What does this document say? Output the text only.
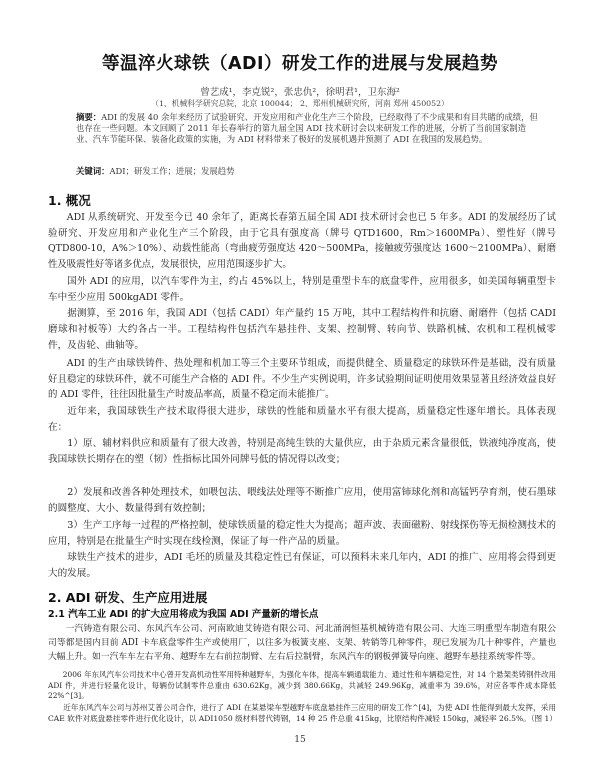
等温淬火球铁（ADI）研发工作的进展与发展趋势
曾艺成¹，李克锐²，张忠仇²，徐明君¹，卫东海²
（1、机械科学研究总院，北京 100044； 2、郑州机械研究所，河南 郑州 450052）
摘要：ADI 的发展 40 余年来经历了试验研究、开发应用和产业化生产三个阶段，已经取得了不少成果和有目共睹的成绩，但也存在一些问题。本文回顾了 2011 年长春举行的第九届全国 ADI 技术研讨会以来研发工作的进展，分析了当前国家制造业、汽车节能环保、装备化政策的实施，为 ADI 材料带来了极好的发展机遇并预测了 ADI 在我国的发展趋势。
关键词：ADI；研发工作；进展；发展趋势
1. 概况
ADI 从系统研究、开发至今已 40 余年了，距离长春第五届全国 ADI 技术研讨会也已 5 年多。ADI 的发展经历了试验研究、开发应用和产业化生产三个阶段，由于它具有强度高（牌号 QTD1600，Rm＞1600MPa）、塑性好（牌号 QTD800-10，A%＞10%）、动载性能高（弯曲疲劳强度达 420～500MPa，接触疲劳强度达 1600～2100MPa）、耐磨性及吸震性好等诸多优点，发展很快，应用范围逐步扩大。
国外 ADI 的应用，以汽车零件为主，约占 45%以上，特别是重型卡车的底盘零件，应用很多，如美国每辆重型卡车中至少应用 500kgADI 零件。
据测算，至 2016 年，我国 ADI（包括 CADI）年产量约 15 万吨，其中工程结构件和抗磨、耐磨件（包括 CADI 磨球和衬板等）大约各占一半。工程结构件包括汽车悬挂件、支架、控制臂、转向节、铁路机械、农机和工程机械零件，及齿轮、曲轴等。
ADI 的生产由球铁铸件、热处理和机加工等三个主要环节组成，而提供健全、质量稳定的球铁环件是基础，没有质量好且稳定的球铁环件，就不可能生产合格的 ADI 件。不少生产实例说明，许多试验期间证明使用效果显著且经济效益良好的 ADI 零件，往往因批量生产时废品率高，质量不稳定而未能推广。
近年来，我国球铁生产技术取得很大进步，球铁的性能和质量水平有很大提高，质量稳定性逐年增长。具体表现在：
1）原、辅材料供应和质量有了很大改善，特别是高纯生铁的大量供应，由于杂质元素含量很低，铁液纯净度高，使我国球铁长期存在的塑（韧）性指标比国外同牌号低的情况得以改变；
2）发展和改善各种处理技术，如喂包法、喂线法处理等不断推广应用，使用富铈球化剂和高锰钙孕育剂，使石墨球的圆整度、大小、数量得到有效控制；
3）生产工序每一过程的严格控制，使球铁质量的稳定性大为提高；超声波、表面磁粉、射线探伤等无损检测技术的应用，特别是在批量生产时实现在线检测，保证了每一件产品的质量。
球铁生产技术的进步，ADI 毛坯的质量及其稳定性已有保证，可以预料未来几年内，ADI 的推广、应用将会得到更大的发展。
2. ADI 研发、生产应用进展
2.1 汽车工业 ADI 的扩大应用将成为我国 ADI 产量新的增长点
一汽铸造有限公司、东风汽车公司、河南欧迪艾铸造有限公司、河北涌润恒基机械铸造有限公司、大连三明重型车制造有限公司等都是国内目前 ADI 卡车底盘零件生产或使用厂，以往多为板簧支座、支架、转销等几种零件，现已发展为几十种零件，产量也大幅上升。如一汽车车左右平角、越野车左右前拉制臂、左右后拉制臂，东风汽车的钢板弹簧导向座、越野车悬挂系统零件等。
2006 年东风汽车公司技术中心曾开发高机动性军用特种越野车，为强化车体，提高车辆通载能力、通过性和车辆稳定性，对 14 个悬架类铸钢件改用 ADI 件，并进行轻量化设计，每辆份试制零件总重由 630.62Kg，减少到 380.66Kg，共减轻 249.96Kg，减重率为 39.6%，对应各零件成本降低 22%^[3]。
近年东风汽车公司与苏州艾普公司合作，进行了 ADI 在某悬梁车型越野车底盘悬挂件三应用的研发工作^[4]，为使 ADI 性能得到最大发挥，采用 CAE 软件对底盘悬挂零件进行优化设计，以 ADI1050 级材料替代铸钢，14 种 25 件总重 415kg，比原结构件减轻 150kg，减轻率 26.5%。（图 1）
15
